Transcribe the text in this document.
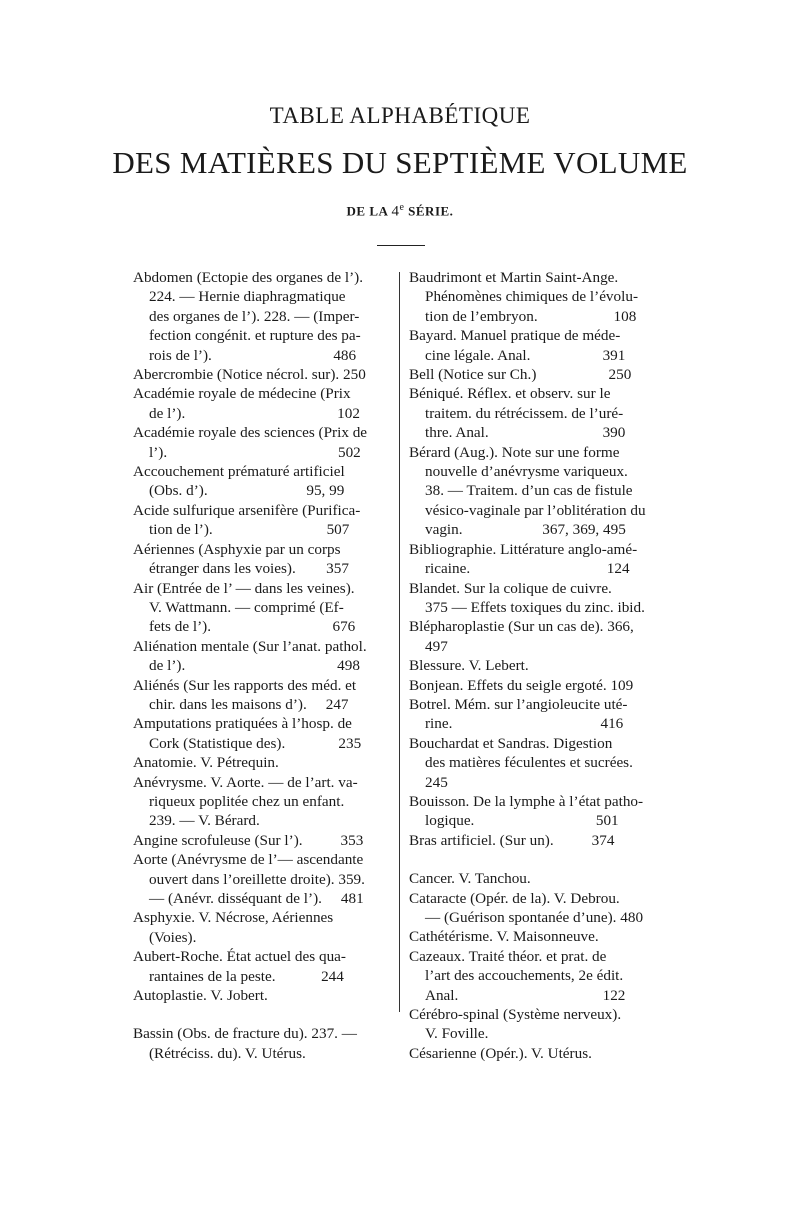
TABLE ALPHABÉTIQUE
DES MATIÈRES DU SEPTIÈME VOLUME
DE LA 4e SÉRIE.
Abdomen (Ectopie des organes de l’).
224. — Hernie diaphragmatique
des organes de l’). 228. — (Imper-
fection congénit. et rupture des pa-
rois de l’).                                486
Abercrombie (Notice nécrol. sur). 250
Académie royale de médecine (Prix
de l’).                                        102
Académie royale des sciences (Prix de
l’).                                             502
Accouchement prématuré artificiel
(Obs. d’).                          95, 99
Acide sulfurique arsenifère (Purifica-
tion de l’).                              507
Aériennes (Asphyxie par un corps
étranger dans les voies).        357
Air (Entrée de l’ — dans les veines).
V. Wattmann. — comprimé (Ef-
fets de l’).                                676
Aliénation mentale (Sur l’anat. pathol.
de l’).                                        498
Aliénés (Sur les rapports des méd. et
chir. dans les maisons d’).     247
Amputations pratiquées à l’hosp. de
Cork (Statistique des).              235
Anatomie. V. Pétrequin.
Anévrysme. V. Aorte. — de l’art. va-
riqueux poplitée chez un enfant.
239. — V. Bérard.
Angine scrofuleuse (Sur l’).          353
Aorte (Anévrysme de l’— ascendante
ouvert dans l’oreillette droite). 359.
— (Anévr. disséquant de l’).     481
Asphyxie. V. Nécrose, Aériennes
(Voies).
Aubert-Roche. État actuel des qua-
rantaines de la peste.            244
Autoplastie. V. Jobert.
Bassin (Obs. de fracture du). 237. —
(Rétréciss. du). V. Utérus.
Baudrimont et Martin Saint-Ange.
Phénomènes chimiques de l’évolu-
tion de l’embryon.                    108
Bayard. Manuel pratique de méde-
cine légale. Anal.                   391
Bell (Notice sur Ch.)                   250
Béniqué. Réflex. et observ. sur le
traitem. du rétrécissem. de l’uré-
thre. Anal.                              390
Bérard (Aug.). Note sur une forme
nouvelle d’anévrysme variqueux.
38. — Traitem. d’un cas de fistule
vésico-vaginale par l’oblitération du
vagin.                     367, 369, 495
Bibliographie. Littérature anglo-amé-
ricaine.                                    124
Blandet. Sur la colique de cuivre.
375 — Effets toxiques du zinc. ibid.
Blépharoplastie (Sur un cas de). 366,
497
Blessure. V. Lebert.
Bonjean. Effets du seigle ergoté. 109
Botrel. Mém. sur l’angioleucite uté-
rine.                                       416
Bouchardat et Sandras. Digestion
des matières féculentes et sucrées.
245
Bouisson. De la lymphe à l’état patho-
logique.                                501
Bras artificiel. (Sur un).          374
Cancer. V. Tanchou.
Cataracte (Opér. de la). V. Debrou.
— (Guérison spontanée d’une). 480
Cathétérisme. V. Maisonneuve.
Cazeaux. Traité théor. et prat. de
l’art des accouchements, 2e édit.
Anal.                                      122
Cérébro-spinal (Système nerveux).
V. Foville.
Césarienne (Opér.). V. Utérus.
